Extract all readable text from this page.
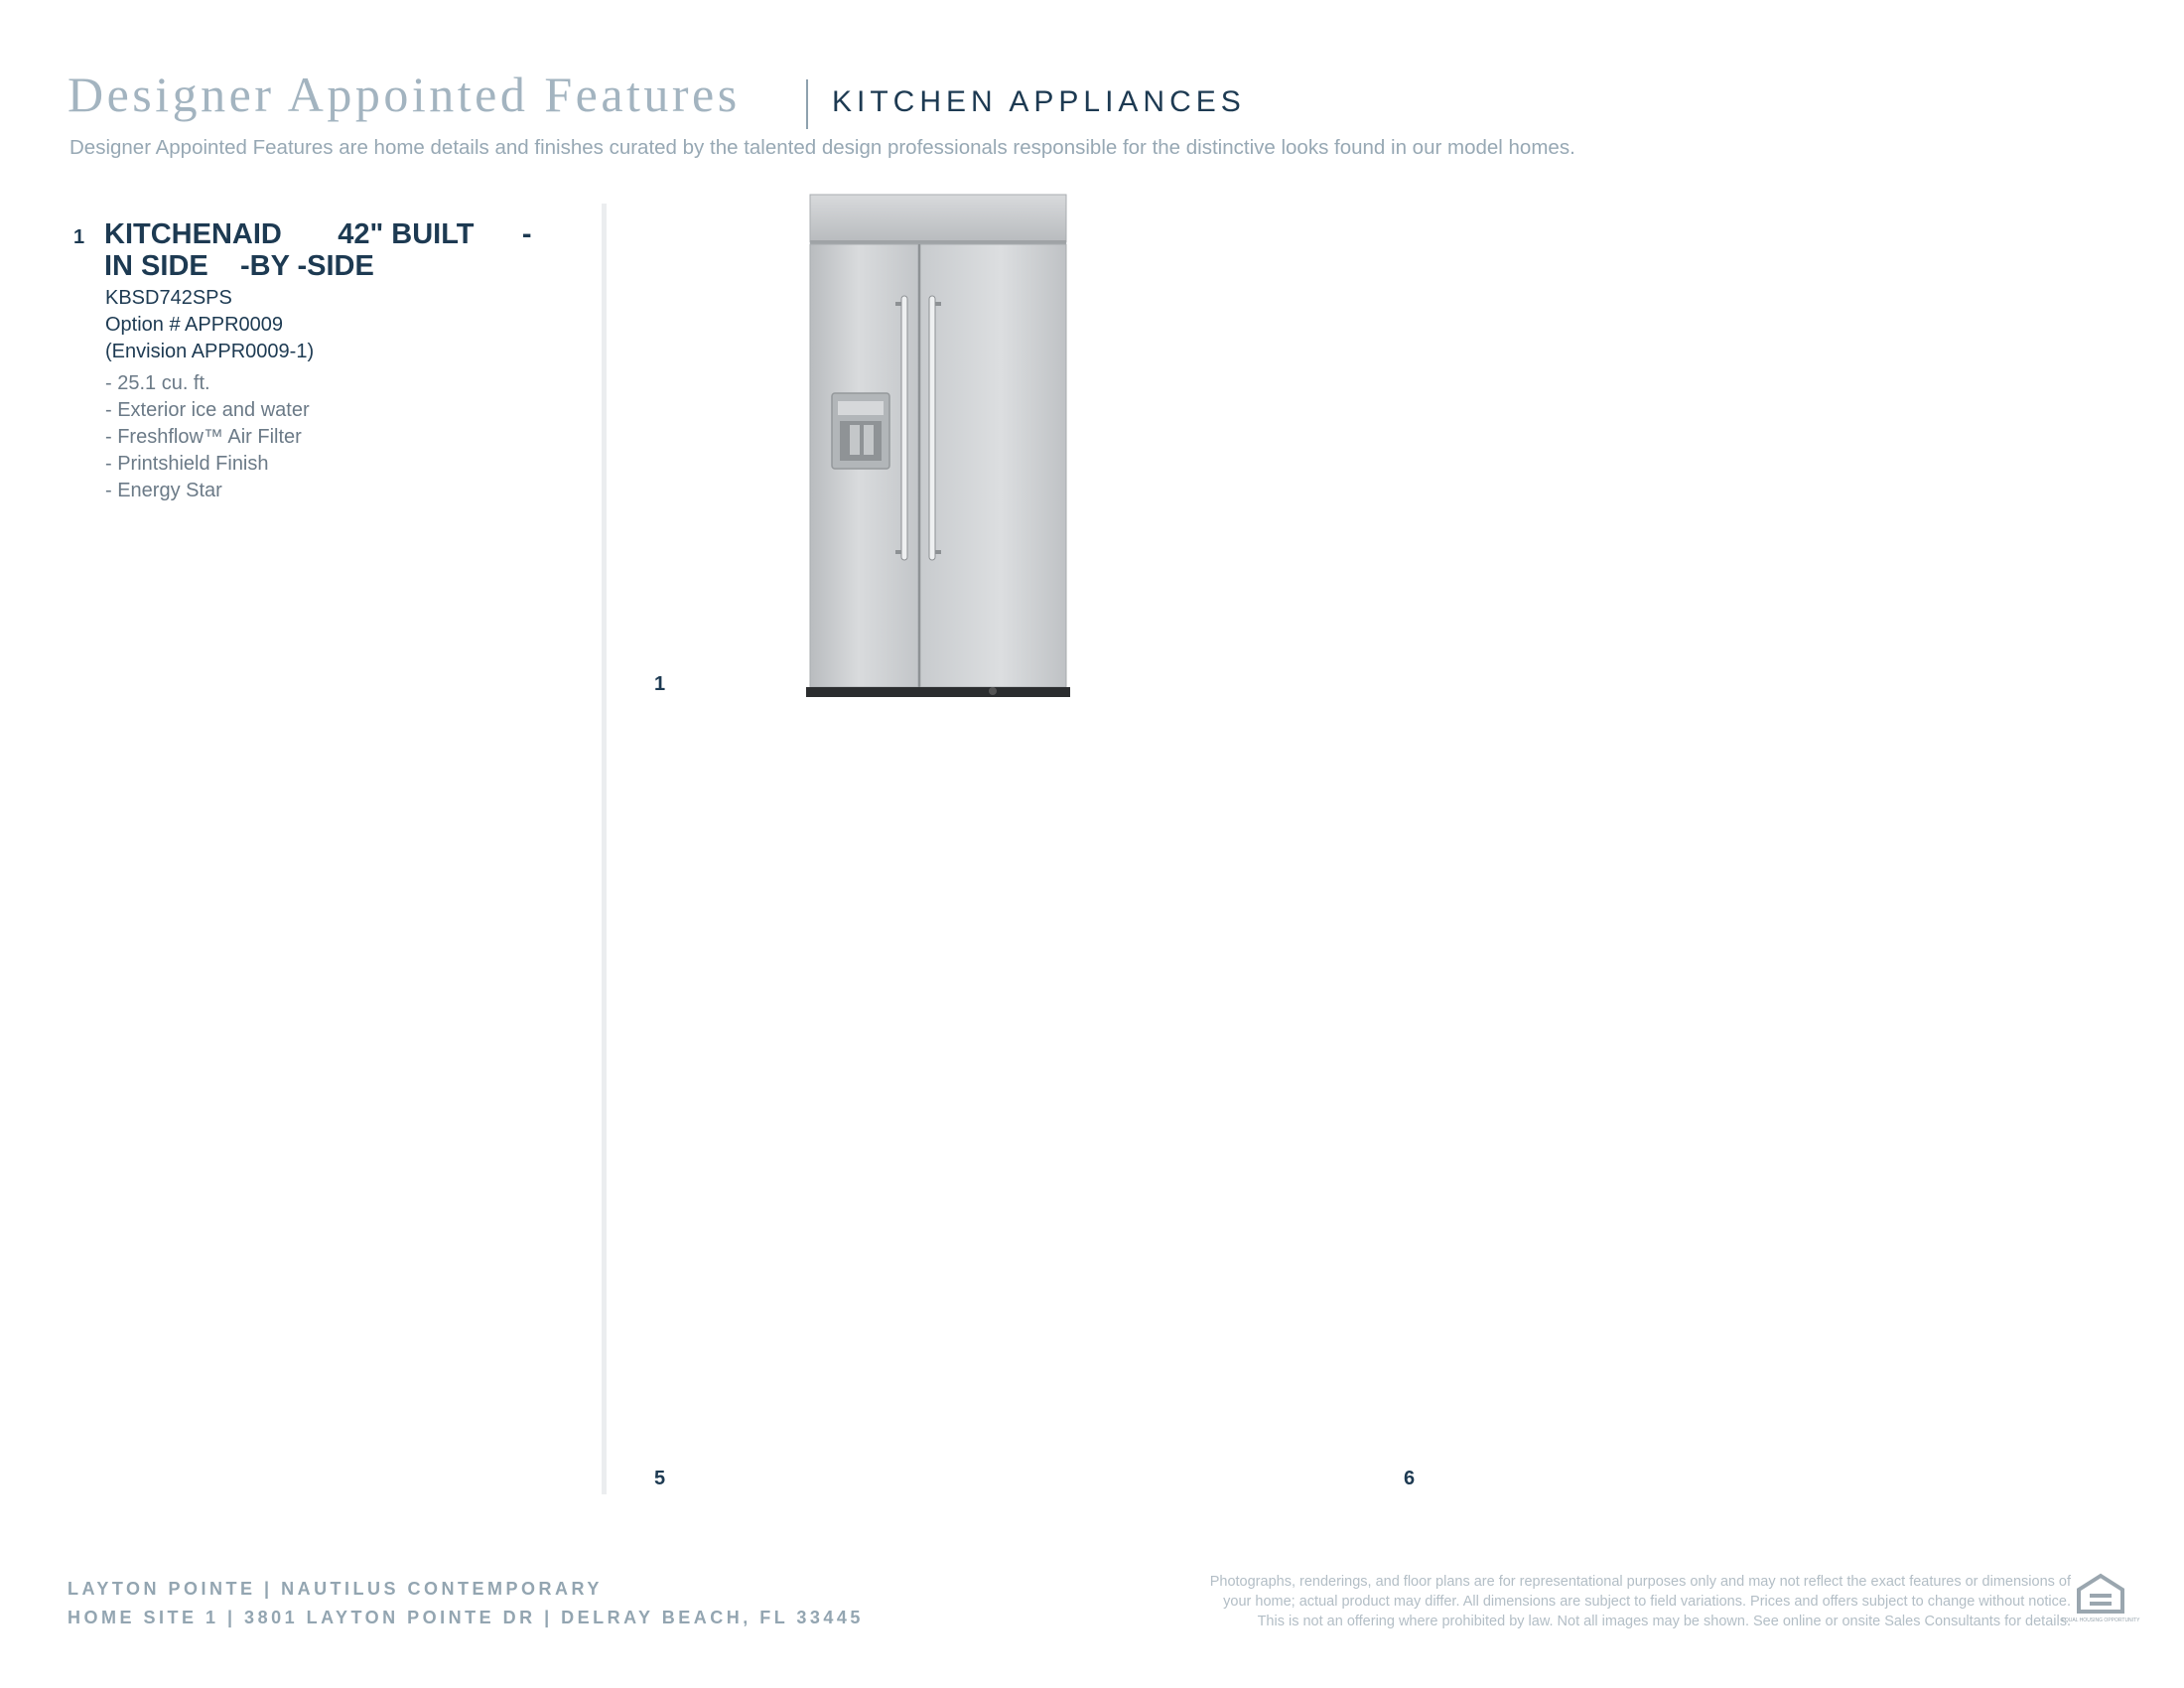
Designer Appointed Features	KITCHEN APPLIANCES
Designer Appointed Features are home details and finishes curated by the talented design professionals responsible for the distinctive looks found in our model homes.
1 KITCHENAID       42" BUILT      -
IN SIDE    -BY -SIDE
KBSD742SPS
Option # APPR0009
(Envision APPR0009-1)
- 25.1 cu. ft.
- Exterior ice and water
- Freshflow™ Air Filter
- Printshield Finish
- Energy Star
1
5	6
LAYTON POINTE | NAUTILUS CONTEMPORARY
HOME SITE 1 | 3801 LAYTON POINTE DR | DELRAY BEACH, FL 33445
Photographs, renderings, and floor plans are for representational purposes only and may not reflect the exact features or dimensions of
your home; actual product may differ. All dimensions are subject to field variations. Prices and offers subject to change without notice.
This is not an offering where prohibited by law. Not all images may be shown. See online or onsite Sales Consultants for details.
EQUAL HOUSING OPPORTUNITY
